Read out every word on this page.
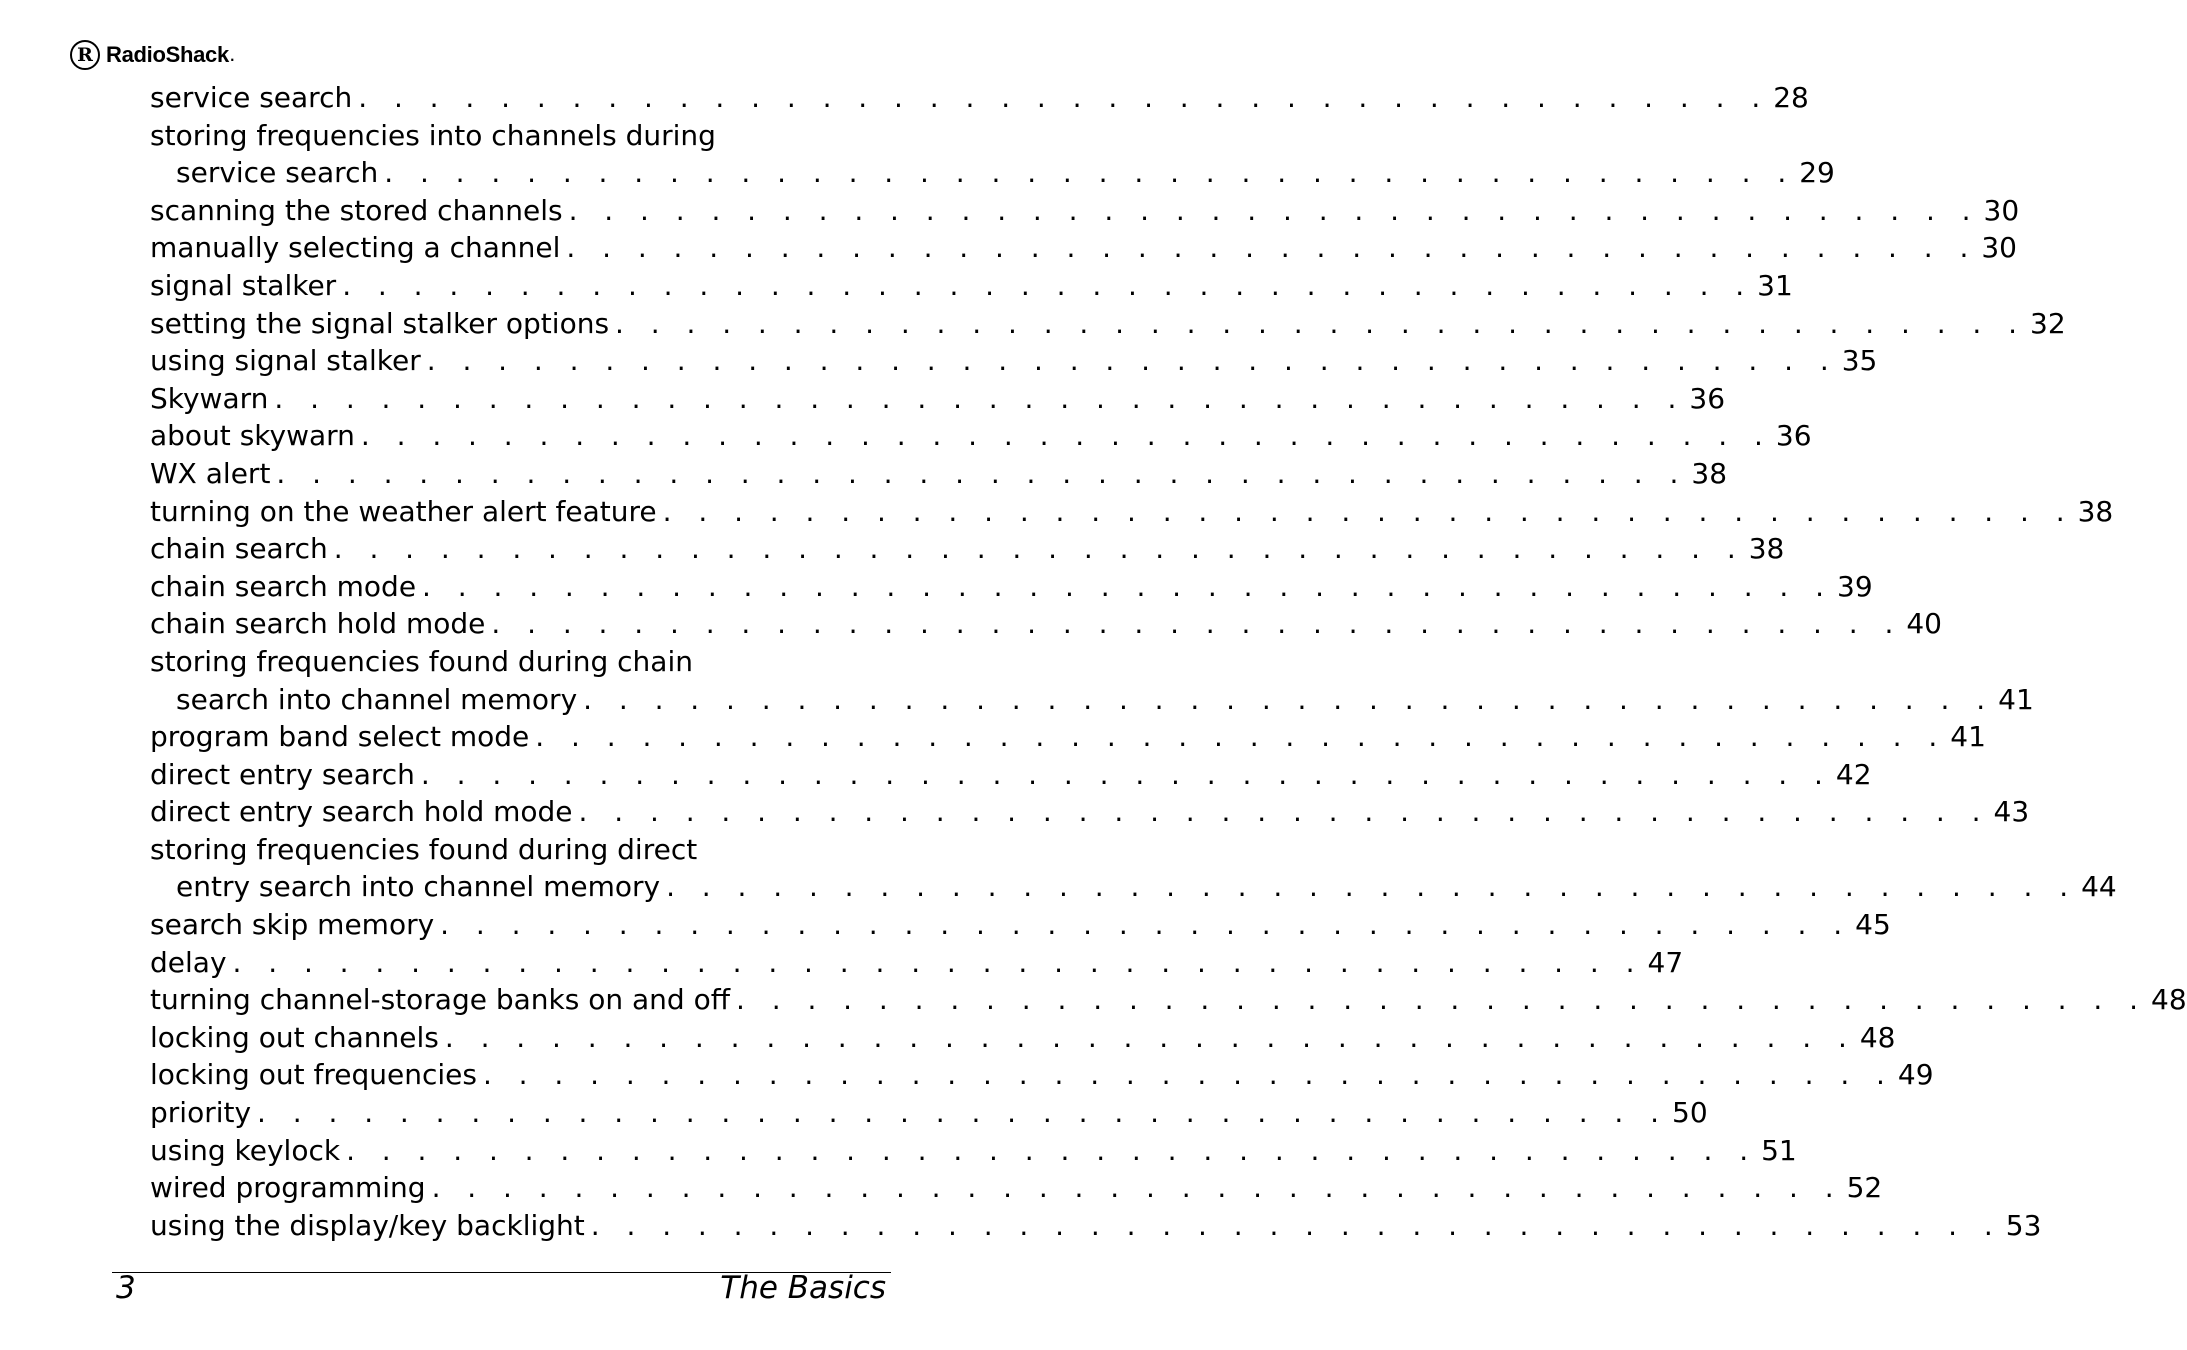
R RadioShack .
service search . . . . . . . . . . . . . . . . . . . . . . . . . . . . . . . . . . . . . . . . 28
storing frequencies into channels during
service search . . . . . . . . . . . . . . . . . . . . . . . . . . . . . . . . . . . . . . . . 29
scanning the stored channels . . . . . . . . . . . . . . . . . . . . . . . . . . . . . . . . . . . . . . . . 30
manually selecting a channel . . . . . . . . . . . . . . . . . . . . . . . . . . . . . . . . . . . . . . . . 30
signal stalker . . . . . . . . . . . . . . . . . . . . . . . . . . . . . . . . . . . . . . . . 31
setting the signal stalker options . . . . . . . . . . . . . . . . . . . . . . . . . . . . . . . . . . . . . . . . 32
using signal stalker . . . . . . . . . . . . . . . . . . . . . . . . . . . . . . . . . . . . . . . . 35
Skywarn . . . . . . . . . . . . . . . . . . . . . . . . . . . . . . . . . . . . . . . . 36
about skywarn . . . . . . . . . . . . . . . . . . . . . . . . . . . . . . . . . . . . . . . . 36
WX alert . . . . . . . . . . . . . . . . . . . . . . . . . . . . . . . . . . . . . . . . 38
turning on the weather alert feature . . . . . . . . . . . . . . . . . . . . . . . . . . . . . . . . . . . . . . . . 38
chain search . . . . . . . . . . . . . . . . . . . . . . . . . . . . . . . . . . . . . . . . 38
chain search mode . . . . . . . . . . . . . . . . . . . . . . . . . . . . . . . . . . . . . . . . 39
chain search hold mode . . . . . . . . . . . . . . . . . . . . . . . . . . . . . . . . . . . . . . . . 40
storing frequencies found during chain
search into channel memory . . . . . . . . . . . . . . . . . . . . . . . . . . . . . . . . . . . . . . . . 41
program band select mode . . . . . . . . . . . . . . . . . . . . . . . . . . . . . . . . . . . . . . . . 41
direct entry search . . . . . . . . . . . . . . . . . . . . . . . . . . . . . . . . . . . . . . . . 42
direct entry search hold mode . . . . . . . . . . . . . . . . . . . . . . . . . . . . . . . . . . . . . . . . 43
storing frequencies found during direct
entry search into channel memory . . . . . . . . . . . . . . . . . . . . . . . . . . . . . . . . . . . . . . . . 44
search skip memory . . . . . . . . . . . . . . . . . . . . . . . . . . . . . . . . . . . . . . . . 45
delay . . . . . . . . . . . . . . . . . . . . . . . . . . . . . . . . . . . . . . . . 47
turning channel-storage banks on and off . . . . . . . . . . . . . . . . . . . . . . . . . . . . . . . . . . . . . . . . 48
locking out channels . . . . . . . . . . . . . . . . . . . . . . . . . . . . . . . . . . . . . . . . 48
locking out frequencies . . . . . . . . . . . . . . . . . . . . . . . . . . . . . . . . . . . . . . . . 49
priority . . . . . . . . . . . . . . . . . . . . . . . . . . . . . . . . . . . . . . . . 50
using keylock . . . . . . . . . . . . . . . . . . . . . . . . . . . . . . . . . . . . . . . . 51
wired programming . . . . . . . . . . . . . . . . . . . . . . . . . . . . . . . . . . . . . . . . 52
using the display/key backlight . . . . . . . . . . . . . . . . . . . . . . . . . . . . . . . . . . . . . . . . 53
3	The Basics
